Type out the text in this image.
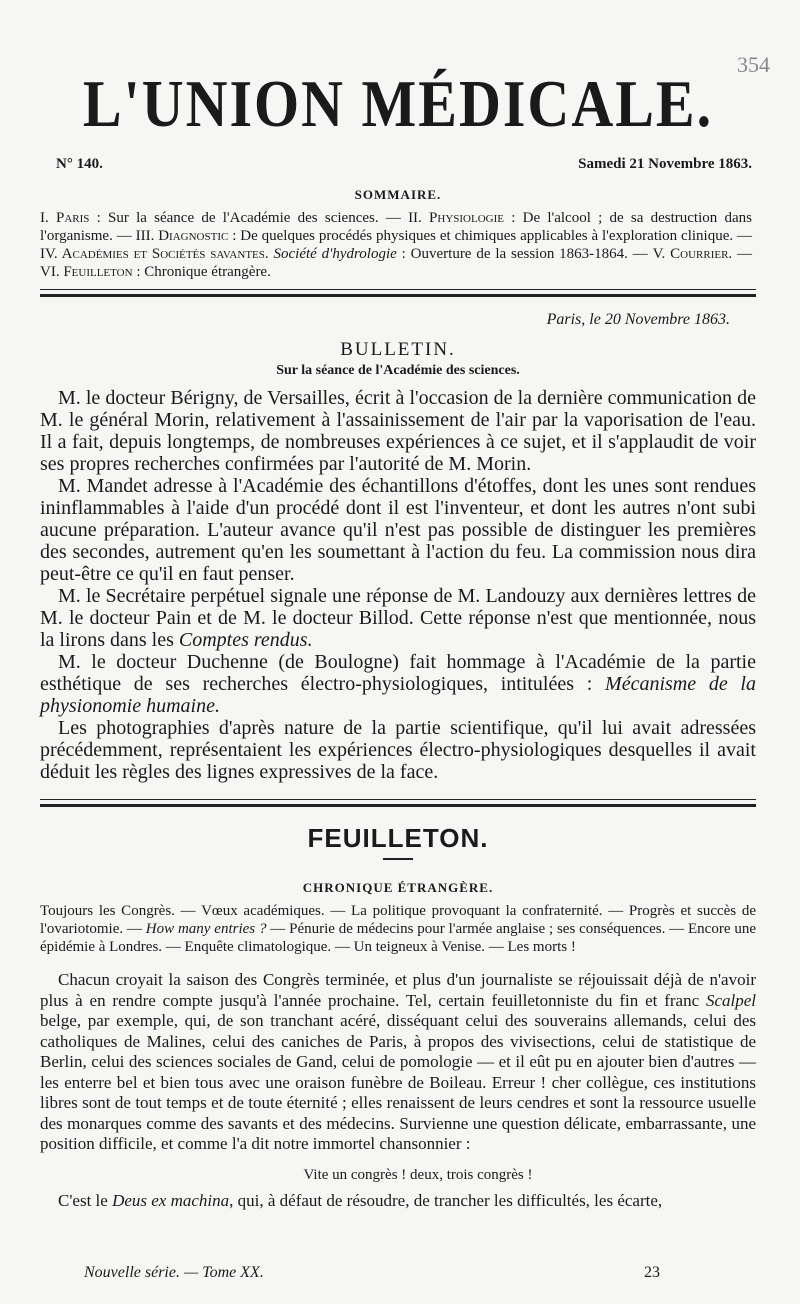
354
L'UNION MÉDICALE.
N° 140.	Samedi 21 Novembre 1863.
SOMMAIRE.
I. Paris : Sur la séance de l'Académie des sciences. — II. Physiologie : De l'alcool ; de sa destruction dans l'organisme. — III. Diagnostic : De quelques procédés physiques et chimiques applicables à l'exploration clinique. — IV. Académies et Sociétés savantes. Société d'hydrologie : Ouverture de la session 1863-1864. — V. Courrier. — VI. Feuilleton : Chronique étrangère.
Paris, le 20 Novembre 1863.
BULLETIN.
Sur la séance de l'Académie des sciences.

M. le docteur Bérigny, de Versailles, écrit à l'occasion de la dernière communication de M. le général Morin, relativement à l'assainissement de l'air par la vaporisation de l'eau. Il a fait, depuis longtemps, de nombreuses expériences à ce sujet, et il s'applaudit de voir ses propres recherches confirmées par l'autorité de M. Morin.

M. Mandet adresse à l'Académie des échantillons d'étoffes, dont les unes sont rendues ininflammables à l'aide d'un procédé dont il est l'inventeur, et dont les autres n'ont subi aucune préparation. L'auteur avance qu'il n'est pas possible de distinguer les premières des secondes, autrement qu'en les soumettant à l'action du feu. La commission nous dira peut-être ce qu'il en faut penser.

M. le Secrétaire perpétuel signale une réponse de M. Landouzy aux dernières lettres de M. le docteur Pain et de M. le docteur Billod. Cette réponse n'est que mentionnée, nous la lirons dans les Comptes rendus.

M. le docteur Duchenne (de Boulogne) fait hommage à l'Académie de la partie esthétique de ses recherches électro-physiologiques, intitulées : Mécanisme de la physionomie humaine.

Les photographies d'après nature de la partie scientifique, qu'il lui avait adressées précédemment, représentaient les expériences électro-physiologiques desquelles il avait déduit les règles des lignes expressives de la face.

FEUILLETON.
CHRONIQUE ÉTRANGÈRE.
Toujours les Congrès. — Vœux académiques. — La politique provoquant la confraternité. — Progrès et succès de l'ovariotomie. — How many entries ? — Pénurie de médecins pour l'armée anglaise ; ses conséquences. — Encore une épidémie à Londres. — Enquête climatologique. — Un teigneux à Venise. — Les morts !

Chacun croyait la saison des Congrès terminée, et plus d'un journaliste se réjouissait déjà de n'avoir plus à en rendre compte jusqu'à l'année prochaine. Tel, certain feuilletonniste du fin et franc Scalpel belge, par exemple, qui, de son tranchant acéré, disséquant celui des souverains allemands, celui des catholiques de Malines, celui des caniches de Paris, à propos des vivisections, celui de statistique de Berlin, celui des sciences sociales de Gand, celui de pomologie — et il eût pu en ajouter bien d'autres — les enterre bel et bien tous avec une oraison funèbre de Boileau. Erreur ! cher collègue, ces institutions libres sont de tout temps et de toute éternité ; elles renaissent de leurs cendres et sont la ressource usuelle des monarques comme des savants et des médecins. Survienne une question délicate, embarrassante, une position difficile, et comme l'a dit notre immortel chansonnier :

Vite un congrès ! deux, trois congrès !

C'est le Deus ex machina, qui, à défaut de résoudre, de trancher les difficultés, les écarte,

Nouvelle série. — Tome XX.	23
